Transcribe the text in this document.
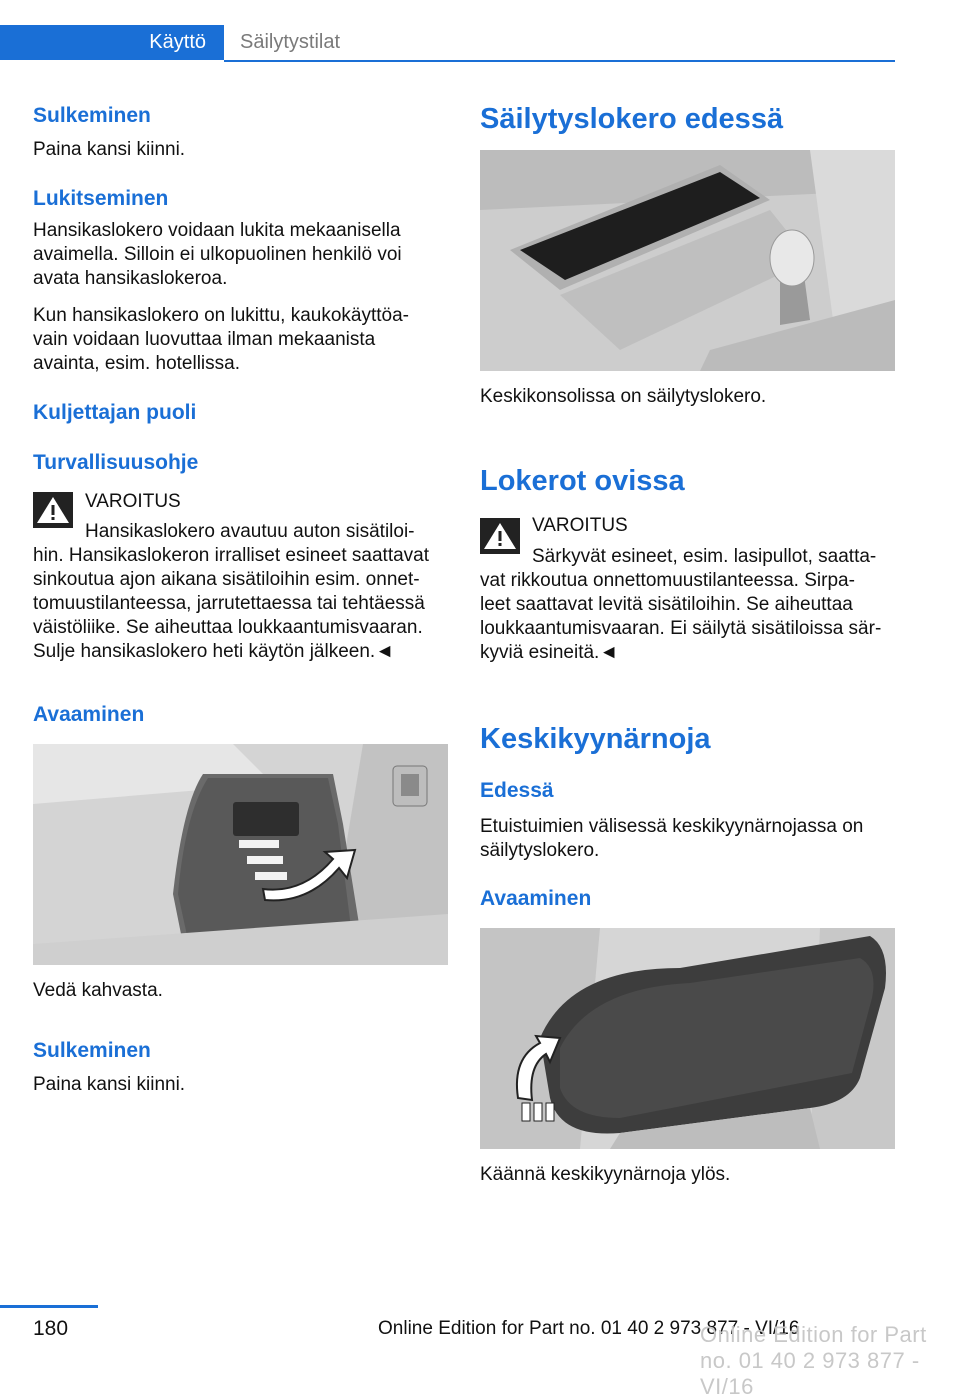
Käyttö	Säilytystilat
Sulkeminen
Paina kansi kiinni.
Lukitseminen
Hansikaslokero voidaan lukita mekaanisella
avaimella. Silloin ei ulkopuolinen henkilö voi
avata hansikaslokeroa.
Kun hansikaslokero on lukittu, kaukokäyttöa-
vain voidaan luovuttaa ilman mekaanista
avainta, esim. hotellissa.
Kuljettajan puoli
Turvallisuusohje
VAROITUS
Hansikaslokero avautuu auton sisätiloi-
hin. Hansikaslokeron irralliset esineet saattavat
sinkoutua ajon aikana sisätiloihin esim. onnet-
tomuustilanteessa, jarrutettaessa tai tehtäessä
väistöliike. Se aiheuttaa loukkaantumisvaaran.
Sulje hansikaslokero heti käytön jälkeen.◄
Avaaminen
Vedä kahvasta.
Sulkeminen
Paina kansi kiinni.
Säilytyslokero edessä
Keskikonsolissa on säilytyslokero.
Lokerot ovissa
VAROITUS
Särkyvät esineet, esim. lasipullot, saatta-
vat rikkoutua onnettomuustilanteessa. Sirpa-
leet saattavat levitä sisätiloihin. Se aiheuttaa
loukkaantumisvaaran. Ei säilytä sisätiloissa sär-
kyviä esineitä.◄
Keskikyynärnoja
Edessä
Etuistuimien välisessä keskikyynärnojassa on
säilytyslokero.
Avaaminen
Käännä keskikyynärnoja ylös.
180	Online Edition for Part no. 01 40 2 973 877 - VI/16
Online Edition for Part no. 01 40 2 973 877 - VI/16
